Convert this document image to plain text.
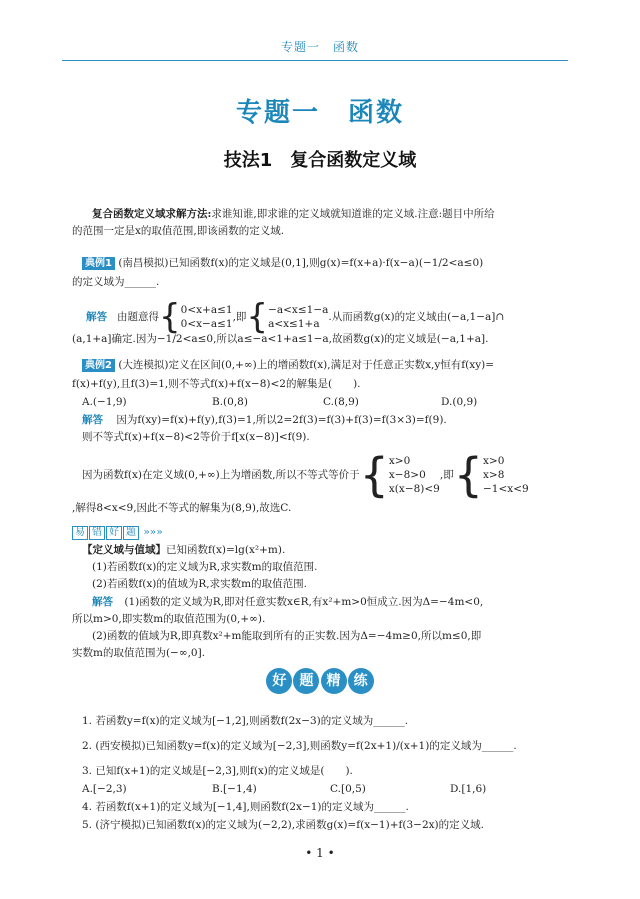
专题一　函数
专题一　函数
技法1　复合函数定义域
复合函数定义域求解方法:求谁知谁,即求谁的定义域就知道谁的定义域.注意:题目中所给
的范围一定是x的取值范围,即该函数的定义域.
典例1 (南昌模拟)已知函数f(x)的定义域是(0,1],则g(x)=f(x+a)·f(x−a)(−1/2<a≤0)
的定义域为______.
解答 由题意得 { 0<x+a≤1
0<x−a≤1
,即 { −a<x≤1−a
a<x≤1+a
.从而函数g(x)的定义域由(−a,1−a]∩
(a,1+a]确定.因为−1/2<a≤0,所以a≤−a<1+a≤1−a,故函数g(x)的定义域是(−a,1+a].
典例2 (大连模拟)定义在区间(0,+∞)上的增函数f(x),满足对于任意正实数x,y恒有f(xy)=
f(x)+f(y),且f(3)=1,则不等式f(x)+f(x−8)<2的解集是(　　).
A.(−1,9)	B.(0,8)	C.(8,9)	D.(0,9)
解答 因为f(xy)=f(x)+f(y),f(3)=1,所以2=2f(3)=f(3)+f(3)=f(3×3)=f(9).
则不等式f(x)+f(x−8)<2等价于f[x(x−8)]<f(9).
因为函数f(x)在定义域(0,+∞)上为增函数,所以不等式等价于 { x>0
x−8>0
x(x−8)<9
,即 { x>0
x>8
−1<x<9
,解得8<x<9,因此不等式的解集为(8,9),故选C.
易 错 好 题 »»»
【定义域与值域】已知函数f(x)=lg(x²+m).
(1)若函数f(x)的定义域为R,求实数m的取值范围.
(2)若函数f(x)的值域为R,求实数m的取值范围.
解答 (1)函数的定义域为R,即对任意实数x∈R,有x²+m>0恒成立.因为Δ=−4m<0,
所以m>0,即实数m的取值范围为(0,+∞).
(2)函数的值域为R,即真数x²+m能取到所有的正实数.因为Δ=−4m≥0,所以m≤0,即
实数m的取值范围为(−∞,0].
好 题 精 练
1. 若函数y=f(x)的定义域为[−1,2],则函数f(2x−3)的定义域为______.
2. (西安模拟)已知函数y=f(x)的定义域为[−2,3],则函数y=f(2x+1)/(x+1)的定义域为______.
3. 已知f(x+1)的定义域是[−2,3],则f(x)的定义域是(　　).
A.[−2,3)	B.[−1,4)	C.[0,5)	D.[1,6)
4. 若函数f(x+1)的定义域为[−1,4],则函数f(2x−1)的定义域为______.
5. (济宁模拟)已知函数f(x)的定义域为(−2,2),求函数g(x)=f(x−1)+f(3−2x)的定义域.
• 1 •
